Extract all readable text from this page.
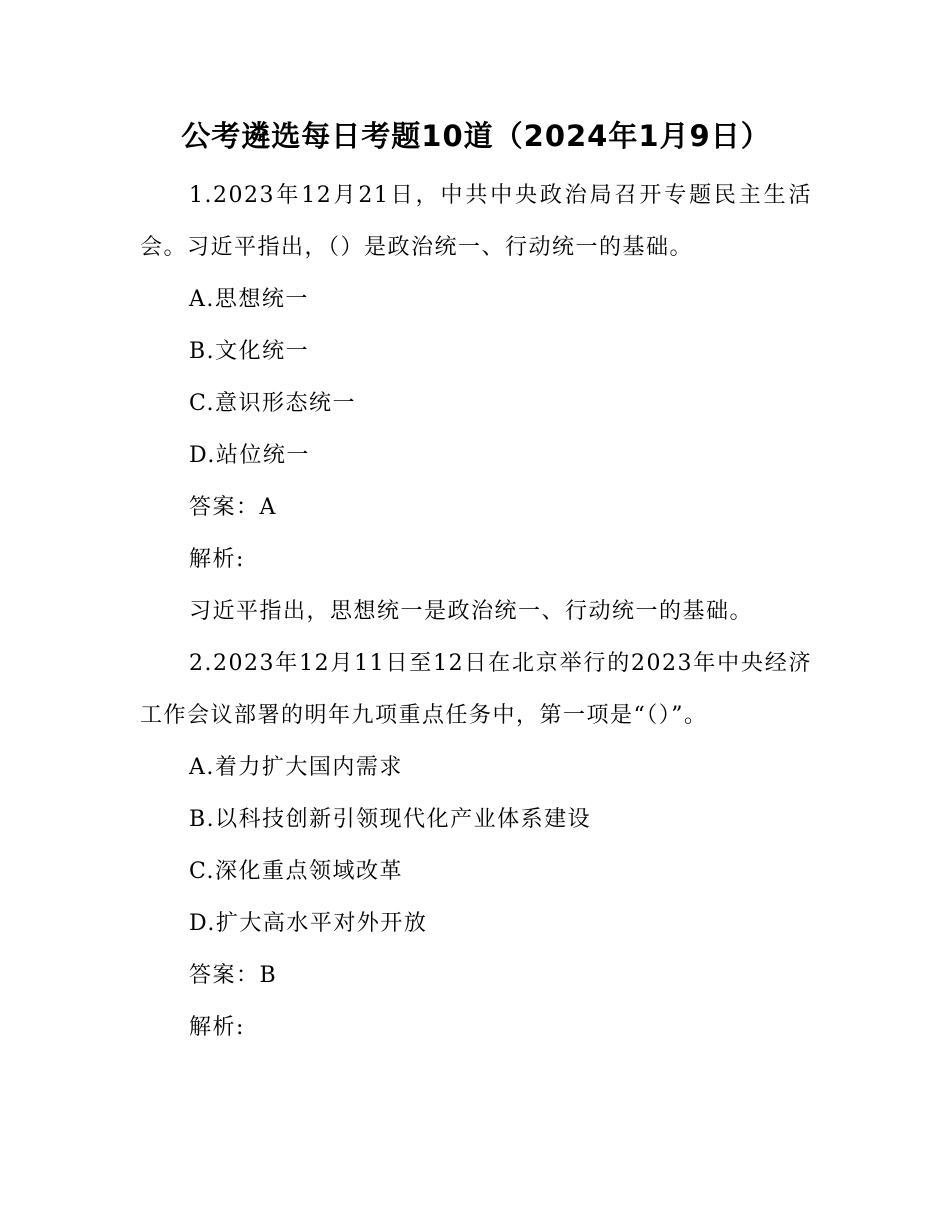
公考遴选每日考题10道（2024年1月9日）

1.2023年12月21日，中共中央政治局召开专题民主生活会。习近平指出，（）是政治统一、行动统一的基础。

A.思想统一

B.文化统一

C.意识形态统一

D.站位统一

答案：A

解析:

习近平指出，思想统一是政治统一、行动统一的基础。

2.2023年12月11日至12日在北京举行的2023年中央经济工作会议部署的明年九项重点任务中，第一项是“（）”。

A.着力扩大国内需求

B.以科技创新引领现代化产业体系建设

C.深化重点领域改革

D.扩大高水平对外开放

答案：B

解析:
